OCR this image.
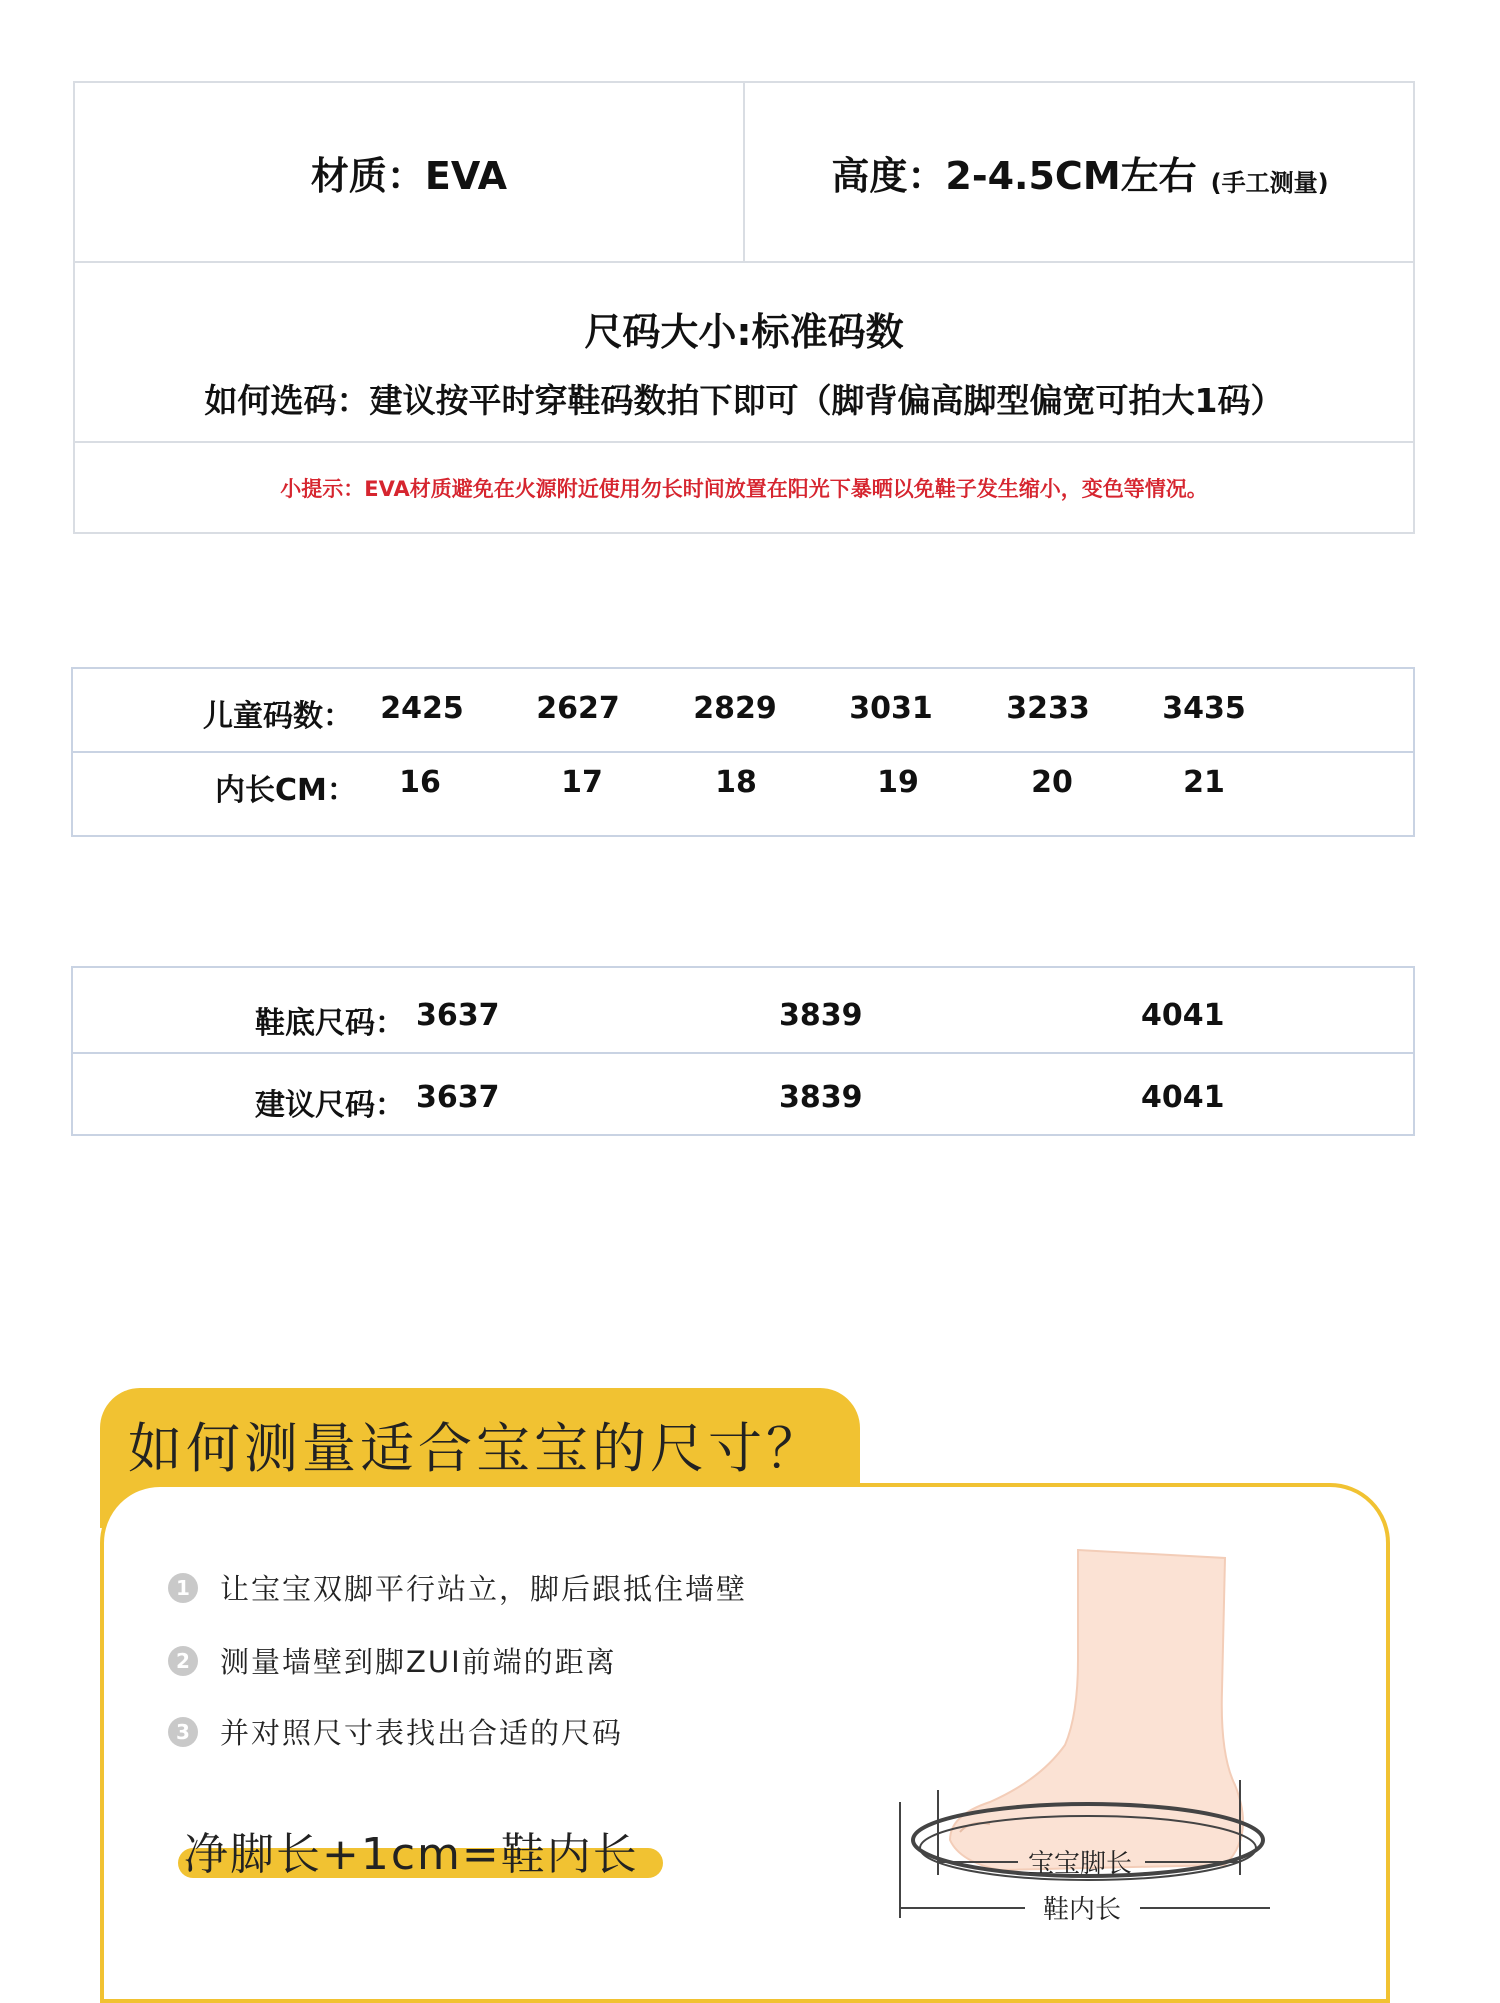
材质：EVA	高度：2-4.5CM左右 (手工测量)
尺码大小:标准码数
如何选码：建议按平时穿鞋码数拍下即可（脚背偏高脚型偏宽可拍大1码）
小提示：EVA材质避免在火源附近使用勿长时间放置在阳光下暴晒以免鞋子发生缩小，变色等情况。
儿童码数： 2425 2627 2829 3031 3233 3435
内长CM： 16	17	18	19	20	21
鞋底尺码： 3637	3839	4041
建议尺码： 3637	3839	4041
如何测量适合宝宝的尺寸？
1 让宝宝双脚平行站立，脚后跟抵住墙壁
2 测量墙壁到脚ZUI前端的距离
3 并对照尺寸表找出合适的尺码
净脚长+1cm=鞋内长	宝宝脚长
鞋内长
